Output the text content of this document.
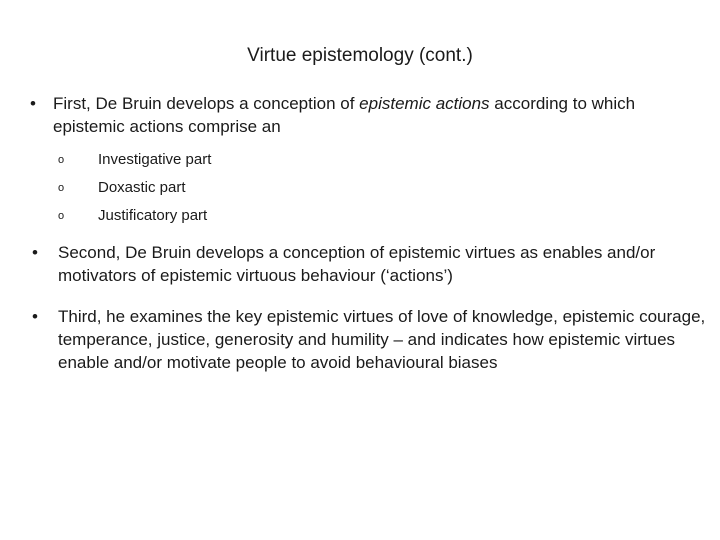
Virtue epistemology (cont.)
• First, De Bruin develops a conception of epistemic actions according to which epistemic actions comprise an
o Investigative part
o Doxastic part
o Justificatory part
• Second, De Bruin develops a conception of epistemic virtues as enables and/or motivators of epistemic virtuous behaviour (‘actions’)
• Third, he examines the key epistemic virtues of love of knowledge, epistemic courage, temperance, justice, generosity and humility – and indicates how epistemic virtues enable and/or motivate people to avoid behavioural biases
